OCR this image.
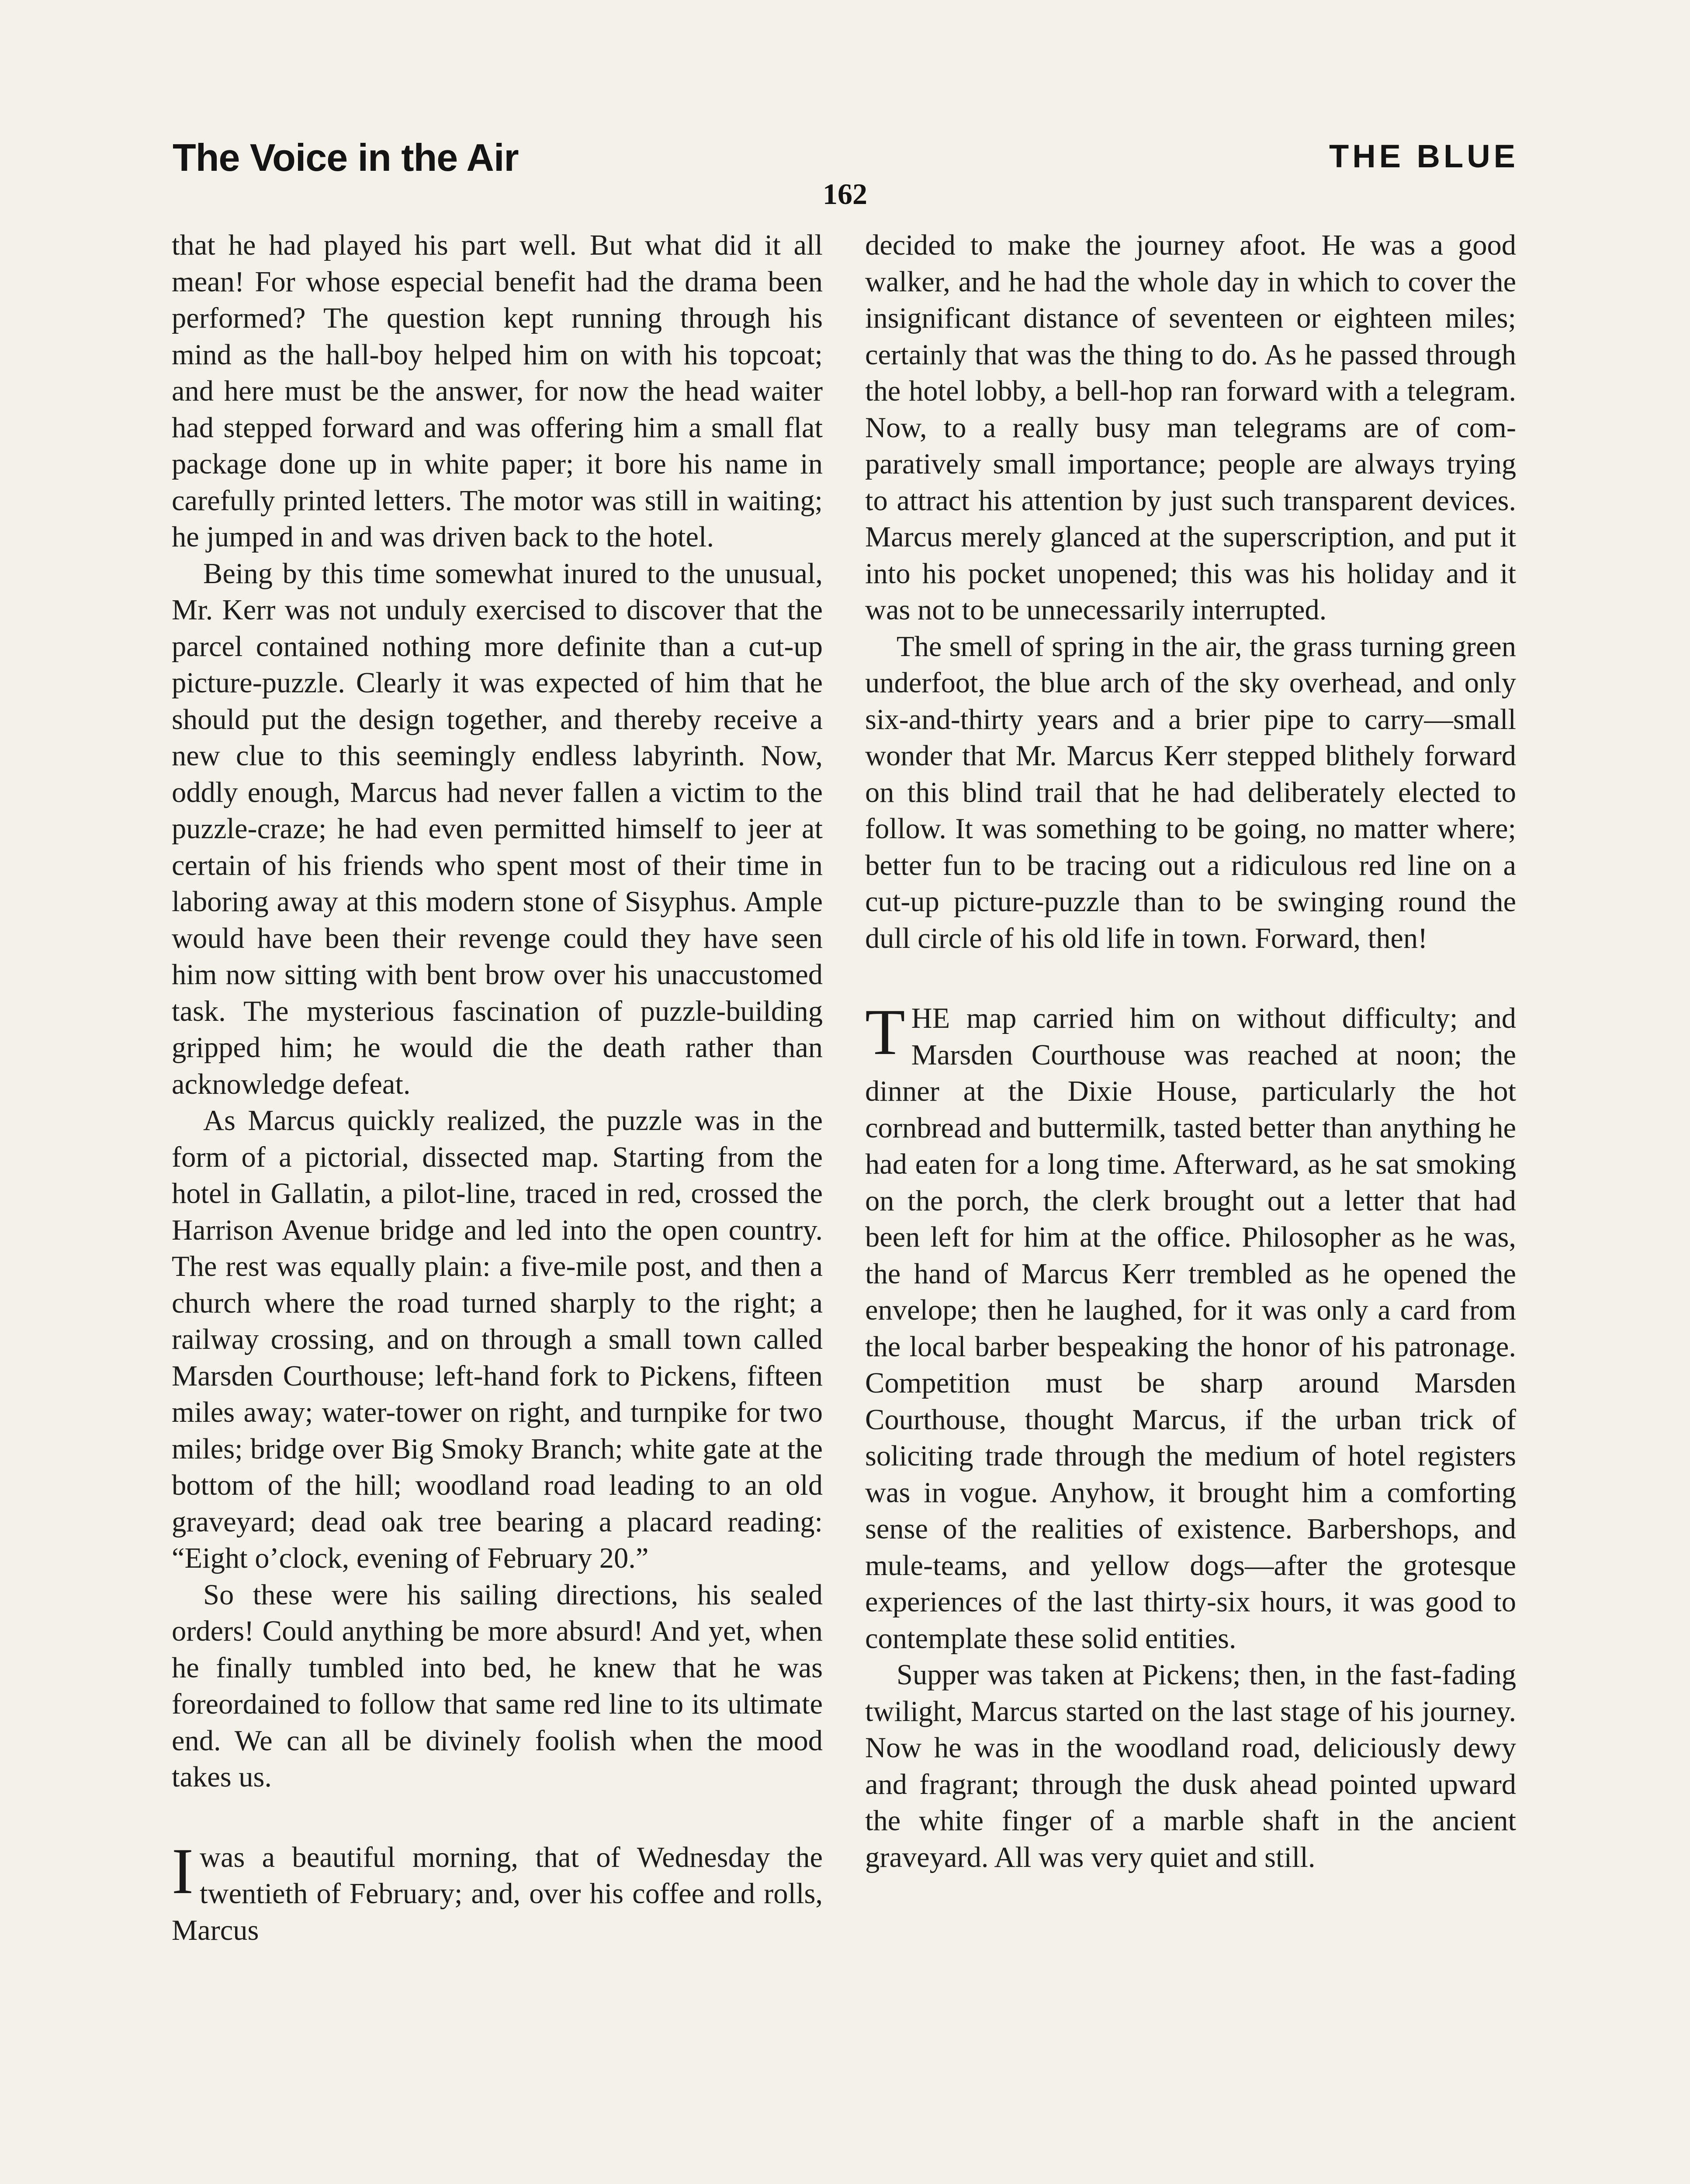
The Voice in the Air	THE BLUE
162

that he had played his part well. But what did it all mean! For whose especial benefit had the drama been performed? The question kept running through his mind as the hall-boy helped him on with his topcoat; and here must be the answer, for now the head waiter had stepped forward and was offering him a small flat package done up in white paper; it bore his name in carefully printed letters. The motor was still in waiting; he jumped in and was driven back to the hotel.

Being by this time somewhat inured to the unusual, Mr. Kerr was not unduly exercised to discover that the parcel contained nothing more definite than a cut-up picture-puzzle. Clearly it was expected of him that he should put the design together, and thereby receive a new clue to this seemingly endless labyrinth. Now, oddly enough, Marcus had never fallen a victim to the puzzle-craze; he had even permitted himself to jeer at certain of his friends who spent most of their time in laboring away at this modern stone of Sisyphus. Ample would have been their revenge could they have seen him now sitting with bent brow over his unaccustomed task. The mysterious fascination of puzzle-building gripped him; he would die the death rather than acknowledge defeat.

As Marcus quickly realized, the puzzle was in the form of a pictorial, dissected map. Starting from the hotel in Gallatin, a pilot-line, traced in red, crossed the Harrison Avenue bridge and led into the open country. The rest was equally plain: a five-mile post, and then a church where the road turned sharply to the right; a railway crossing, and on through a small town called Marsden Courthouse; left-hand fork to Pickens, fifteen miles away; water-tower on right, and turnpike for two miles; bridge over Big Smoky Branch; white gate at the bottom of the hill; woodland road leading to an old graveyard; dead oak tree bearing a placard reading: “Eight o’clock, evening of February 20.”

So these were his sailing directions, his sealed orders! Could anything be more absurd! And yet, when he finally tumbled into bed, he knew that he was foreordained to follow that same red line to its ultimate end. We can all be divinely foolish when the mood takes us.

Iwas a beautiful morning, that of Wednesday the twentieth of February; and, over his coffee and rolls, Marcus

decided to make the journey afoot. He was a good walker, and he had the whole day in which to cover the insignificant distance of seventeen or eighteen miles; certainly that was the thing to do. As he passed through the hotel lobby, a bell-hop ran forward with a telegram. Now, to a really busy man telegrams are of comparatively small importance; people are always trying to attract his attention by just such transparent devices. Marcus merely glanced at the superscription, and put it into his pocket unopened; this was his holiday and it was not to be unnecessarily interrupted.

The smell of spring in the air, the grass turning green underfoot, the blue arch of the sky overhead, and only six-and-thirty years and a brier pipe to carry—small wonder that Mr. Marcus Kerr stepped blithely forward on this blind trail that he had deliberately elected to follow. It was something to be going, no matter where; better fun to be tracing out a ridiculous red line on a cut-up picture-puzzle than to be swinging round the dull circle of his old life in town. Forward, then!

THE map carried him on without difficulty; and Marsden Courthouse was reached at noon; the dinner at the Dixie House, particularly the hot cornbread and buttermilk, tasted better than anything he had eaten for a long time. Afterward, as he sat smoking on the porch, the clerk brought out a letter that had been left for him at the office. Philosopher as he was, the hand of Marcus Kerr trembled as he opened the envelope; then he laughed, for it was only a card from the local barber bespeaking the honor of his patronage. Competition must be sharp around Marsden Courthouse, thought Marcus, if the urban trick of soliciting trade through the medium of hotel registers was in vogue. Anyhow, it brought him a comforting sense of the realities of existence. Barbershops, and mule-teams, and yellow dogs—after the grotesque experiences of the last thirty-six hours, it was good to contemplate these solid entities.

Supper was taken at Pickens; then, in the fast-fading twilight, Marcus started on the last stage of his journey. Now he was in the woodland road, deliciously dewy and fragrant; through the dusk ahead pointed upward the white finger of a marble shaft in the ancient graveyard. All was very quiet and still.
